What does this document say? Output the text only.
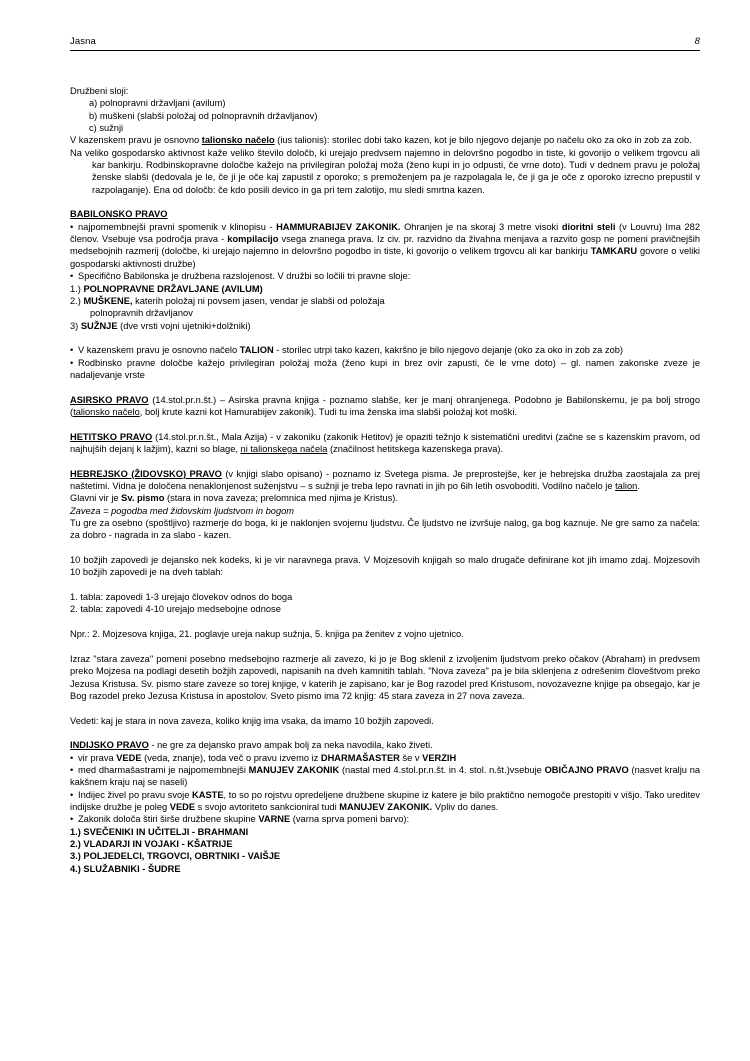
Jasna	8

Družbeni sloji:

a) polnopravni državljani (avilum)

b) muškeni (slabši položaj od polnopravnih državljanov)

c) sužnji

V kazenskem pravu je osnovno talionsko načelo (ius talionis): storilec dobi tako kazen, kot je bilo njegovo dejanje po načelu oko za oko in zob za zob.

Na veliko gospodarsko aktivnost kaže veliko število določb, ki urejajo predvsem najemno in delovršno pogodbo in tiste, ki govorijo o velikem trgovcu ali kar bankirju. Rodbinskopravne določbe kažejo na privilegiran položaj moža (ženo kupi in jo odpusti, če vrne doto). Tudi v dednem pravu je položaj ženske slabši (dedovala je le, če ji je oče kaj zapustil z oporoko; s premoženjem pa je razpolagala le, če ji ga je oče z oporoko izrecno prepustil v razpolaganje). Ena od določb: če kdo posili devico in ga pri tem zalotijo, mu sledi smrtna kazen.

BABILONSKO PRAVO

• najpomembnejši pravni spomenik v klinopisu - HAMMURABIJEV ZAKONIK. Ohranjen je na skoraj 3 metre visoki dioritni steli (v Louvru) Ima 282 členov. Vsebuje vsa področja prava - kompilacijo vsega znanega prava. Iz civ. pr. razvidno da živahna menjava a razvito gosp ne pomeni pravičnejših medsebojnih razmerij (določbe, ki urejajo najemno in delovršno pogodbo in tiste, ki govorijo o velikem trgovcu ali kar bankirju TAMKARU govore o veliki gospodarski aktivnosti družbe)

• Specifično Babilonska je družbena razslojenost. V družbi so ločili tri pravne sloje:

1.) POLNOPRAVNE DRŽAVLJANE (AVILUM)

2.) MUŠKENE, katerih položaj ni povsem jasen, vendar je slabši od položaja

polnopravnih državljanov

3) SUŽNJE (dve vrsti vojni ujetniki+dolžniki)

• V kazenskem pravu je osnovno načelo TALION - storilec utrpi tako kazen, kakršno je bilo njegovo dejanje (oko za oko in zob za zob)

• Rodbinsko pravne določbe kažejo privilegiran položaj moža (ženo kupi in brez ovir zapusti, če le vrne doto) – gl. namen zakonske zveze je nadaljevanje vrste

ASIRSKO PRAVO (14.stol.pr.n.št.) – Asirska pravna knjiga - poznamo slabše, ker je manj ohranjenega. Podobno je Babilonskemu, je pa bolj strogo (talionsko načelo, bolj krute kazni kot Hamurabijev zakonik). Tudi tu ima ženska ima slabši položaj kot moški.

HETITSKO PRAVO (14.stol.pr.n.št., Mala Azija) - v zakoniku (zakonik Hetitov) je opaziti težnjo k sistematični ureditvi (začne se s kazenskim pravom, od najhujših dejanj k lažjim), kazni so blage, ni talionskega načela (značilnost hetitskega kazenskega prava).

HEBREJSKO (ŽIDOVSKO) PRAVO (v knjigi slabo opisano) - poznamo iz Svetega pisma. Je preprostejše, ker je hebrejska družba zaostajala za prej naštetimi. Vidna je določena nenaklonjenost suženjstvu – s sužnji je treba lepo ravnati in jih po 6ih letih osvoboditi. Vodilno načelo je talion.

Glavni vir je Sv. pismo (stara in nova zaveza; prelomnica med njima je Kristus).

Zaveza = pogodba med židovskim ljudstvom in bogom

Tu gre za osebno (spoštljivo) razmerje do boga, ki je naklonjen svojemu ljudstvu. Če ljudstvo ne izvršuje nalog, ga bog kaznuje. Ne gre samo za načela: za dobro - nagrada in za slabo - kazen.

10 božjih zapovedi je dejansko nek kodeks, ki je vir naravnega prava. V Mojzesovih knjigah so malo drugače definirane kot jih imamo zdaj. Mojzesovih 10 božjih zapovedi je na dveh tablah:

1. tabla: zapovedi 1-3 urejajo človekov odnos do boga

2. tabla: zapovedi 4-10 urejajo medsebojne odnose

Npr.: 2. Mojzesova knjiga, 21. poglavje ureja nakup sužnja, 5. knjiga pa ženitev z vojno ujetnico.

Izraz "stara zaveza" pomeni posebno medsebojno razmerje ali zavezo, ki jo je Bog sklenil z izvoljenim ljudstvom preko očakov (Abraham) in predvsem preko Mojzesa na podlagi desetih božjih zapovedi, napisanih na dveh kamnitih tablah. "Nova zaveza" pa je bila sklenjena z odrešenim človeštvom preko Jezusa Kristusa. Sv. pismo stare zaveze so torej knjige, v katerih je zapisano, kar je Bog razodel pred Kristusom, novozavezne knjige pa obsegajo, kar je Bog razodel preko Jezusa Kristusa in apostolov. Sveto pismo ima 72 knjig: 45 stara zaveza in 27 nova zaveza.

Vedeti: kaj je stara in nova zaveza, koliko knjig ima vsaka, da imamo 10 božjih zapovedi.

INDIJSKO PRAVO - ne gre za dejansko pravo ampak bolj za neka navodila, kako živeti.

• vir prava VEDE (veda, znanje), toda več o pravu izvemo iz DHARMAŠASTER še v VERZIH

• med dharmašastrami je najpomembnejši MANUJEV ZAKONIK (nastal med 4.stol.pr.n.št. in 4. stol. n.št.)vsebuje OBIČAJNO PRAVO (nasvet kralju na kakšnem kraju naj se naseli)

• Indijec živel po pravu svoje KASTE, to so po rojstvu opredeljene družbene skupine iz katere je bilo praktično nemogoče prestopiti v višjo. Tako ureditev indijske družbe je poleg VEDE s svojo avtoriteto sankcioniral tudi MANUJEV ZAKONIK. Vpliv do danes.

• Zakonik določa štiri širše družbene skupine VARNE (varna sprva pomeni barvo):

1.) SVEČENIKI IN UČITELJI - BRAHMANI

2.) VLADARJI IN VOJAKI - KŠATRIJE

3.) POLJEDELCI, TRGOVCI, OBRTNIKI - VAIŠJE

4.) SLUŽABNIKI - ŠUDRE
